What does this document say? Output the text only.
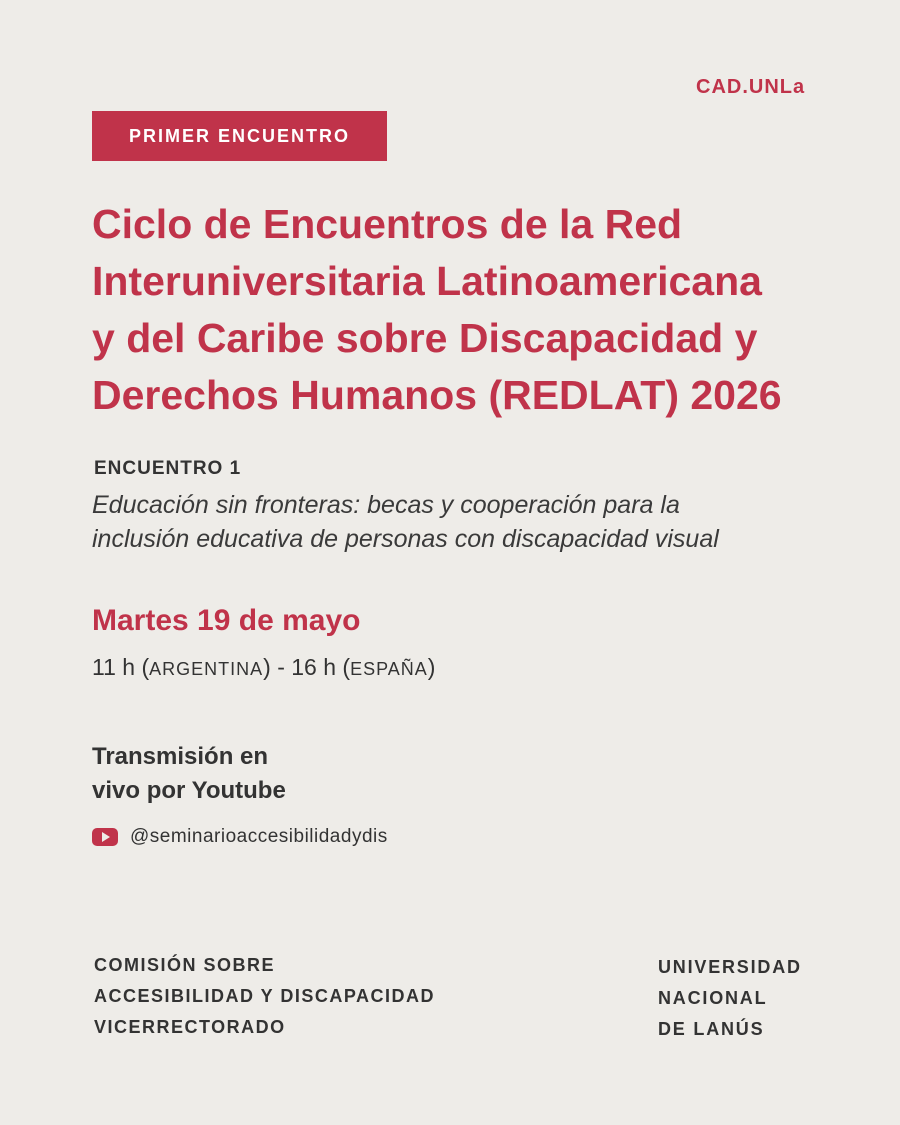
CAD.UNLa
PRIMER ENCUENTRO
Ciclo de Encuentros de la Red
Interuniversitaria Latinoamericana
y del Caribe sobre Discapacidad y
Derechos Humanos (REDLAT) 2026
ENCUENTRO 1
Educación sin fronteras: becas y cooperación para la
inclusión educativa de personas con discapacidad visual
Martes 19 de mayo
11 h (ARGENTINA) - 16 h (ESPAÑA)
Transmisión en
vivo por Youtube
@seminarioaccesibilidadydis
COMISIÓN SOBRE
ACCESIBILIDAD Y DISCAPACIDAD
VICERRECTORADO
UNIVERSIDAD
NACIONAL
DE LANÚS
